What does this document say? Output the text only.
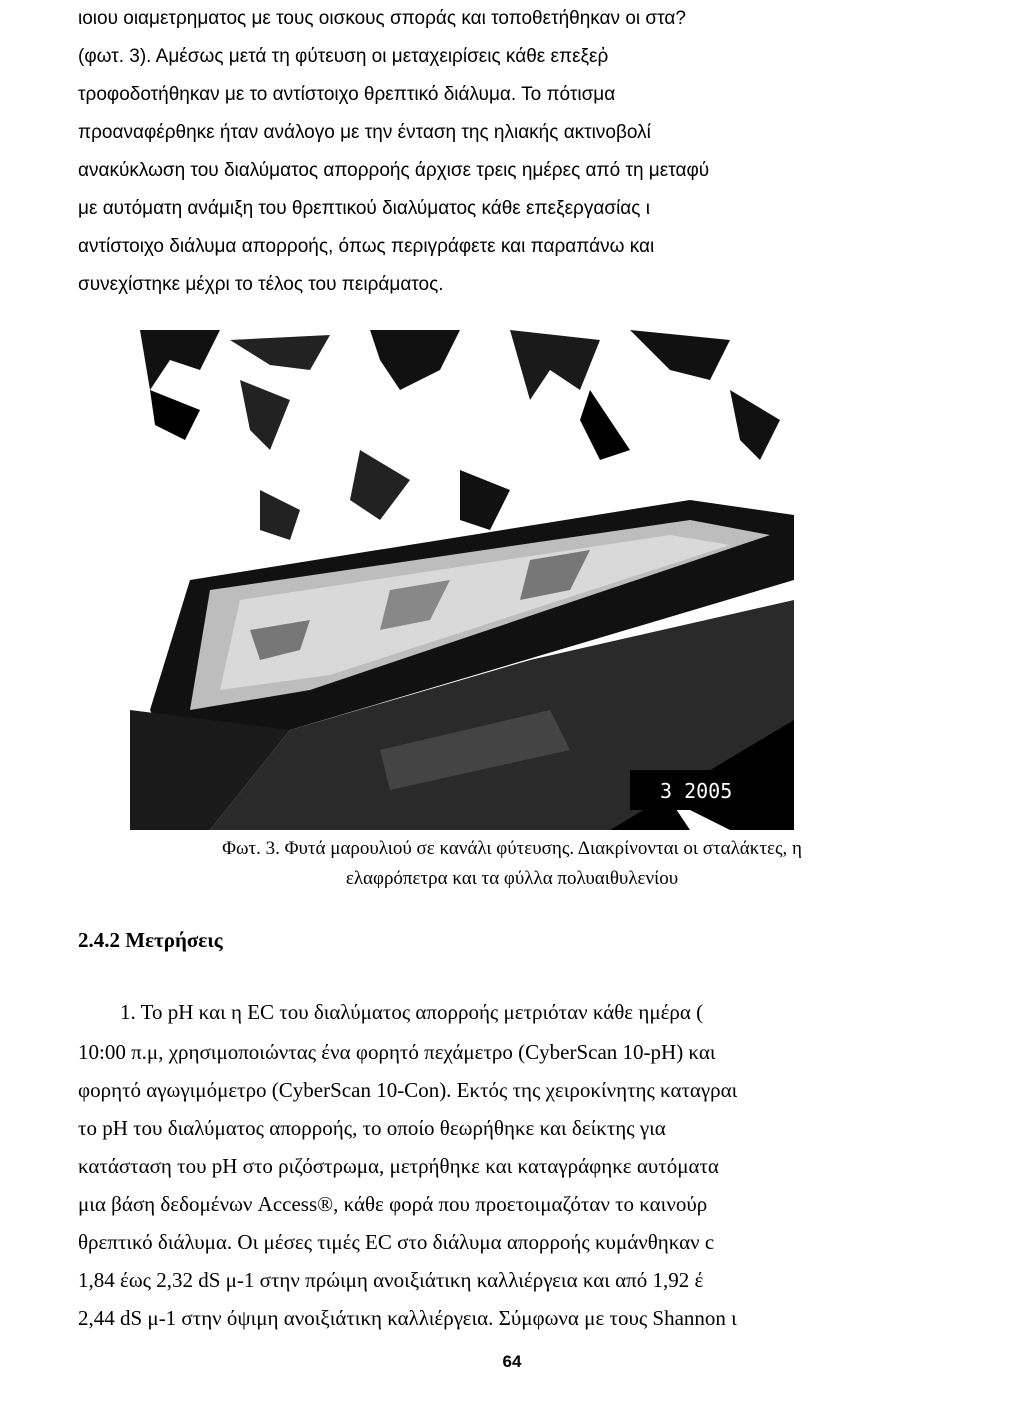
ιοιου οιαμετρηματος με τους οισκους σποράς και τοποθετήθηκαν οι στα?
(φωτ. 3). Αμέσως μετά τη φύτευση οι μεταχειρίσεις κάθε επεξεῤ
τροφοδοτήθηκαν με το αντίστοιχο θρεπτικό διάλυμα. Το πότισμα
προαναφέρθηκε ήταν ανάλογο με την ένταση της ηλιακής ακτινοβολί
ανακύκλωση του διαλύματος απορροής άρχισε τρεις ημέρες από τη μεταφύ
με αυτόματη ανάμιξη του θρεπτικού διαλύματος κάθε επεξεργασίας ι
αντίστοιχο διάλυμα απορροής, όπως περιγράφετε και παραπάνω και
συνεχίστηκε μέχρι το τέλος του πειράματος.
3 2005
Φωτ. 3. Φυτά μαρουλιού σε κανάλι φύτευσης. Διακρίνονται οι σταλάκτες, η
ελαφρόπετρα και τα φύλλα πολυαιθυλενίου
2.4.2 Μετρήσεις
1. Το pH και η EC του διαλύματος απορροής μετριόταν κάθε ημέρα (
10:00 π.μ, χρησιμοποιώντας ένα φορητό πεχάμετρο (CyberScan 10-pH) και
φορητό αγωγιμόμετρο (CyberScan 10-Con). Εκτός της χειροκίνητης καταγραι
το pH του διαλύματος απορροής, το οποίο θεωρήθηκε και δείκτης για
κατάσταση του pH στο ριζόστρωμα, μετρήθηκε και καταγράφηκε αυτόματα
μια βάση δεδομένων Access®, κάθε φορά που προετοιμαζόταν το καινούρ
θρεπτικό διάλυμα. Οι μέσες τιμές EC στο διάλυμα απορροής κυμάνθηκαν c
1,84 έως 2,32 dS μ-1 στην πρώιμη ανοιξιάτικη καλλιέργεια και από 1,92 έ
2,44 dS μ-1 στην όψιμη ανοιξιάτικη καλλιέργεια. Σύμφωνα με τους Shannon ι
64
